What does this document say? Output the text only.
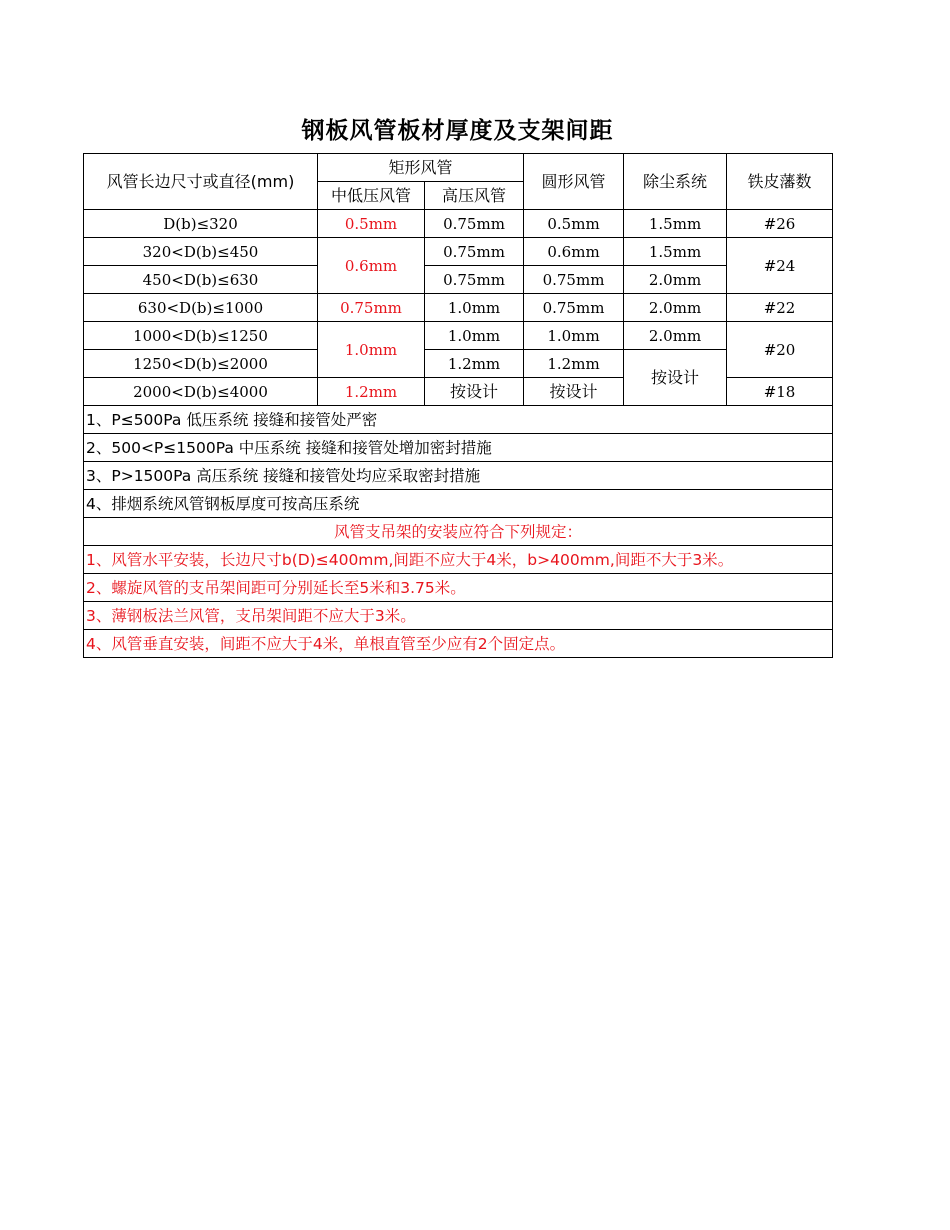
钢板风管板材厚度及支架间距
风管长边尺寸或直径(mm)	矩形风管		圆形风管	除尘系统	铁皮藩数
	中低压风管	高压风管			
D(b)≤320	0.5mm	0.75mm	0.5mm	1.5mm	#26
320<D(b)≤450	0.6mm	0.75mm	0.6mm	1.5mm	#24
450<D(b)≤630		0.75mm	0.75mm	2.0mm	
630<D(b)≤1000	0.75mm	1.0mm	0.75mm	2.0mm	#22
1000<D(b)≤1250	1.0mm	1.0mm	1.0mm	2.0mm	#20
1250<D(b)≤2000		1.2mm	1.2mm	按设计	
2000<D(b)≤4000	1.2mm	按设计	按设计		#18
1、P≤500Pa 低压系统 接缝和接管处严密					
2、500<P≤1500Pa 中压系统 接缝和接管处增加密封措施					
3、P>1500Pa 高压系统 接缝和接管处均应采取密封措施					
4、排烟系统风管钢板厚度可按高压系统					
风管支吊架的安装应符合下列规定：					
1、风管水平安装，长边尺寸b(D)≤400mm,间距不应大于4米，b>400mm,间距不大于3米。					
2、螺旋风管的支吊架间距可分别延长至5米和3.75米。					
3、薄钢板法兰风管，支吊架间距不应大于3米。					
4、风管垂直安装，间距不应大于4米，单根直管至少应有2个固定点。					
